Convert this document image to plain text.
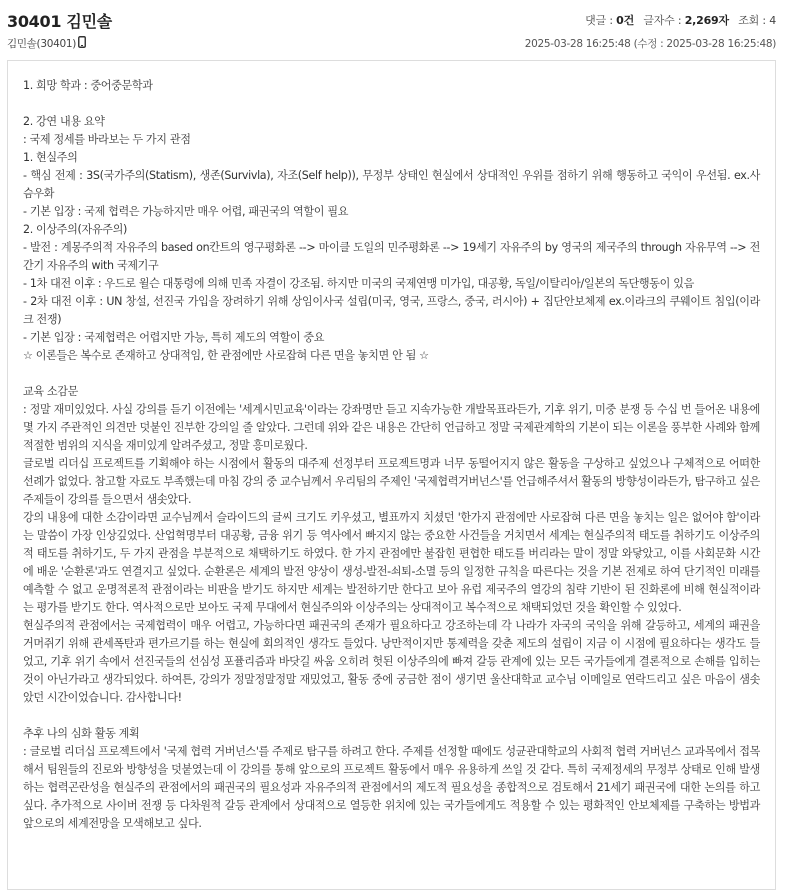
30401 김민솔	댓글 : 0건 글자수 : 2,269자 조회 : 4
김민솔(30401)	2025-03-28 16:25:48 (수정 : 2025-03-28 16:25:48)

1. 희망 학과 : 중어중문학과

2. 강연 내용 요약

: 국제 정세를 바라보는 두 가지 관점

1. 현실주의

- 핵심 전제 : 3S(국가주의(Statism), 생존(Survivla), 자조(Self help)), 무정부 상태인 현실에서 상대적인 우위를 점하기 위해 행동하고 국익이 우선됨. ex.사슴우화

- 기본 입장 : 국제 협력은 가능하지만 매우 어렵, 패권국의 역할이 필요

2. 이상주의(자유주의)

- 발전 : 계몽주의적 자유주의 based on칸트의 영구평화론 --> 마이클 도일의 민주평화론 --> 19세기 자유주의 by 영국의 제국주의 through 자유무역 --> 전간기 자유주의 with 국제기구

- 1차 대전 이후 : 우드로 윌슨 대통령에 의해 민족 자결이 강조됨. 하지만 미국의 국제연맹 미가입, 대공황, 독일/이탈리아/일본의 독단행동이 있음

- 2차 대전 이후 : UN 창설, 선진국 가입을 장려하기 위해 상임이사국 설립(미국, 영국, 프랑스, 중국, 러시아) + 집단안보체제 ex.이라크의 쿠웨이트 침입(이라크 전쟁)

- 기본 입장 : 국제협력은 어렵지만 가능, 특히 제도의 역할이 중요

☆ 이론들은 복수로 존재하고 상대적임, 한 관점에만 사로잡혀 다른 면을 놓치면 안 됨 ☆

교육 소감문

: 정말 재미있었다. 사실 강의를 듣기 이전에는 '세계시민교육'이라는 강좌명만 듣고 지속가능한 개발목표라든가, 기후 위기, 미중 분쟁 등 수십 번 들어온 내용에 몇 가지 주관적인 의견만 덧붙인 진부한 강의일 줄 알았다. 그런데 위와 같은 내용은 간단히 언급하고 정말 국제관계학의 기본이 되는 이론을 풍부한 사례와 함께 적절한 범위의 지식을 재미있게 알려주셨고, 정말 흥미로웠다.

글로벌 리더십 프로젝트를 기획해야 하는 시점에서 활동의 대주제 선정부터 프로젝트명과 너무 동떨어지지 않은 활동을 구상하고 싶었으나 구체적으로 어떠한 선례가 없었다. 참고할 자료도 부족했는데 마침 강의 중 교수님께서 우리팀의 주제인 '국제협력거버넌스'를 언급해주셔서 활동의 방향성이라든가, 탐구하고 싶은 주제들이 강의를 들으면서 샘솟았다.

강의 내용에 대한 소감이라면 교수님께서 슬라이드의 글씨 크기도 키우셨고, 별표까지 치셨던 '한가지 관점에만 사로잡혀 다른 면을 놓치는 일은 없어야 함'이라는 말씀이 가장 인상깊었다. 산업혁명부터 대공황, 금융 위기 등 역사에서 빠지지 않는 중요한 사건들을 거치면서 세계는 현실주의적 태도를 취하기도 이상주의적 태도를 취하기도, 두 가지 관점을 부분적으로 채택하기도 하였다. 한 가지 관점에만 불잡힌 편협한 태도를 버리라는 말이 정말 와닿았고, 이를 사회문화 시간에 배운 '순환론'과도 연결지고 싶었다. 순환론은 세계의 발전 양상이 생성-발전-쇠퇴-소멸 등의 일정한 규칙을 따른다는 것을 기본 전제로 하여 단기적인 미래를 예측할 수 없고 운명적론적 관점이라는 비판을 받기도 하지만 세계는 발전하기만 한다고 보아 유럽 제국주의 열강의 침략 기반이 된 진화론에 비해 현실적이라는 평가를 받기도 한다. 역사적으로만 보아도 국제 무대에서 현실주의와 이상주의는 상대적이고 복수적으로 채택되었던 것을 확인할 수 있었다.

현실주의적 관점에서는 국제협력이 매우 어렵고, 가능하다면 패권국의 존재가 필요하다고 강조하는데 각 나라가 자국의 국익을 위해 갈등하고, 세계의 패권을 거머쥐기 위해 관세폭탄과 편가르기를 하는 현실에 회의적인 생각도 들었다. 낭만적이지만 통제력을 갖춘 제도의 설립이 지금 이 시점에 필요하다는 생각도 들었고, 기후 위기 속에서 선진국들의 선심성 포퓰리즘과 바닷길 싸움 오히려 헛된 이상주의에 빠져 갈등 관계에 있는 모든 국가들에게 결론적으로 손해를 입히는 것이 아닌가라고 생각되었다. 하여튼, 강의가 정말정말정말 재밌었고, 활동 중에 궁금한 점이 생기면 울산대학교 교수님 이메일로 연락드리고 싶은 마음이 샘솟았던 시간이었습니다. 감사합니다!

추후 나의 심화 활동 계획

: 글로벌 리더십 프로젝트에서 '국제 협력 거버넌스'를 주제로 탐구를 하려고 한다. 주제를 선정할 때에도 성균관대학교의 사회적 협력 거버넌스 교과목에서 접목해서 팀원들의 진로와 방향성을 덧붙였는데 이 강의를 통해 앞으로의 프로젝트 활동에서 매우 유용하게 쓰일 것 같다. 특히 국제정세의 무정부 상태로 인해 발생하는 협력곤란성을 현실주의 관점에서의 패권국의 필요성과 자유주의적 관점에서의 제도적 필요성을 종합적으로 검토해서 21세기 패권국에 대한 논의를 하고 싶다. 추가적으로 사이버 전쟁 등 다차원적 갈등 관계에서 상대적으로 열등한 위치에 있는 국가들에게도 적용할 수 있는 평화적인 안보체제를 구축하는 방법과 앞으로의 세계전망을 모색해보고 싶다.
